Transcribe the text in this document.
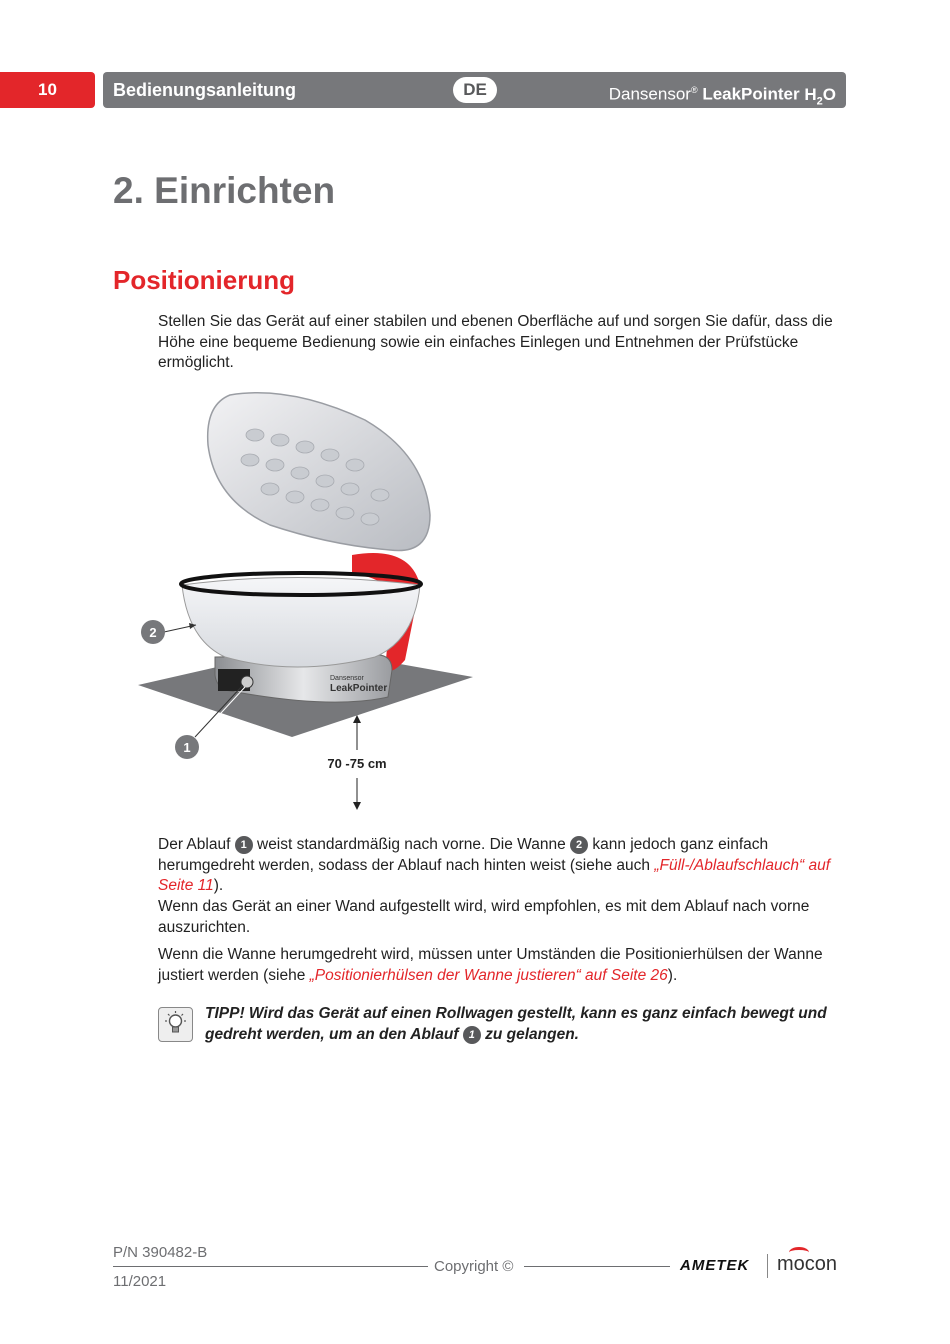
10	Bedienungsanleitung	DE	Dansensor® LeakPointer $H_2O$
2. Einrichten
Positionierung

Stellen Sie das Gerät auf einer stabilen und ebenen Oberfläche auf und sorgen Sie dafür, dass die Höhe eine bequeme Bedienung sowie ein einfaches Einlegen und Entnehmen der Prüfstücke ermöglicht.

Dansensor
LeakPointer
2
1
70 -75 cm

Der Ablauf 1 weist standardmäßig nach vorne. Die Wanne 2 kann jedoch ganz einfach herumgedreht werden, sodass der Ablauf nach hinten weist (siehe auch „Füll-/Ablaufschlauch“ auf Seite 11).

Wenn das Gerät an einer Wand aufgestellt wird, wird empfohlen, es mit dem Ablauf nach vorne auszurichten.

Wenn die Wanne herumgedreht wird, müssen unter Umständen die Positionierhülsen der Wanne justiert werden (siehe „Positionierhülsen der Wanne justieren“ auf Seite 26).

TIPP! Wird das Gerät auf einen Rollwagen gestellt, kann es ganz einfach bewegt und gedreht werden, um an den Ablauf 1 zu gelangen.

P/N 390482-B
Copyright ©
11/2021
AMETEK mocon
